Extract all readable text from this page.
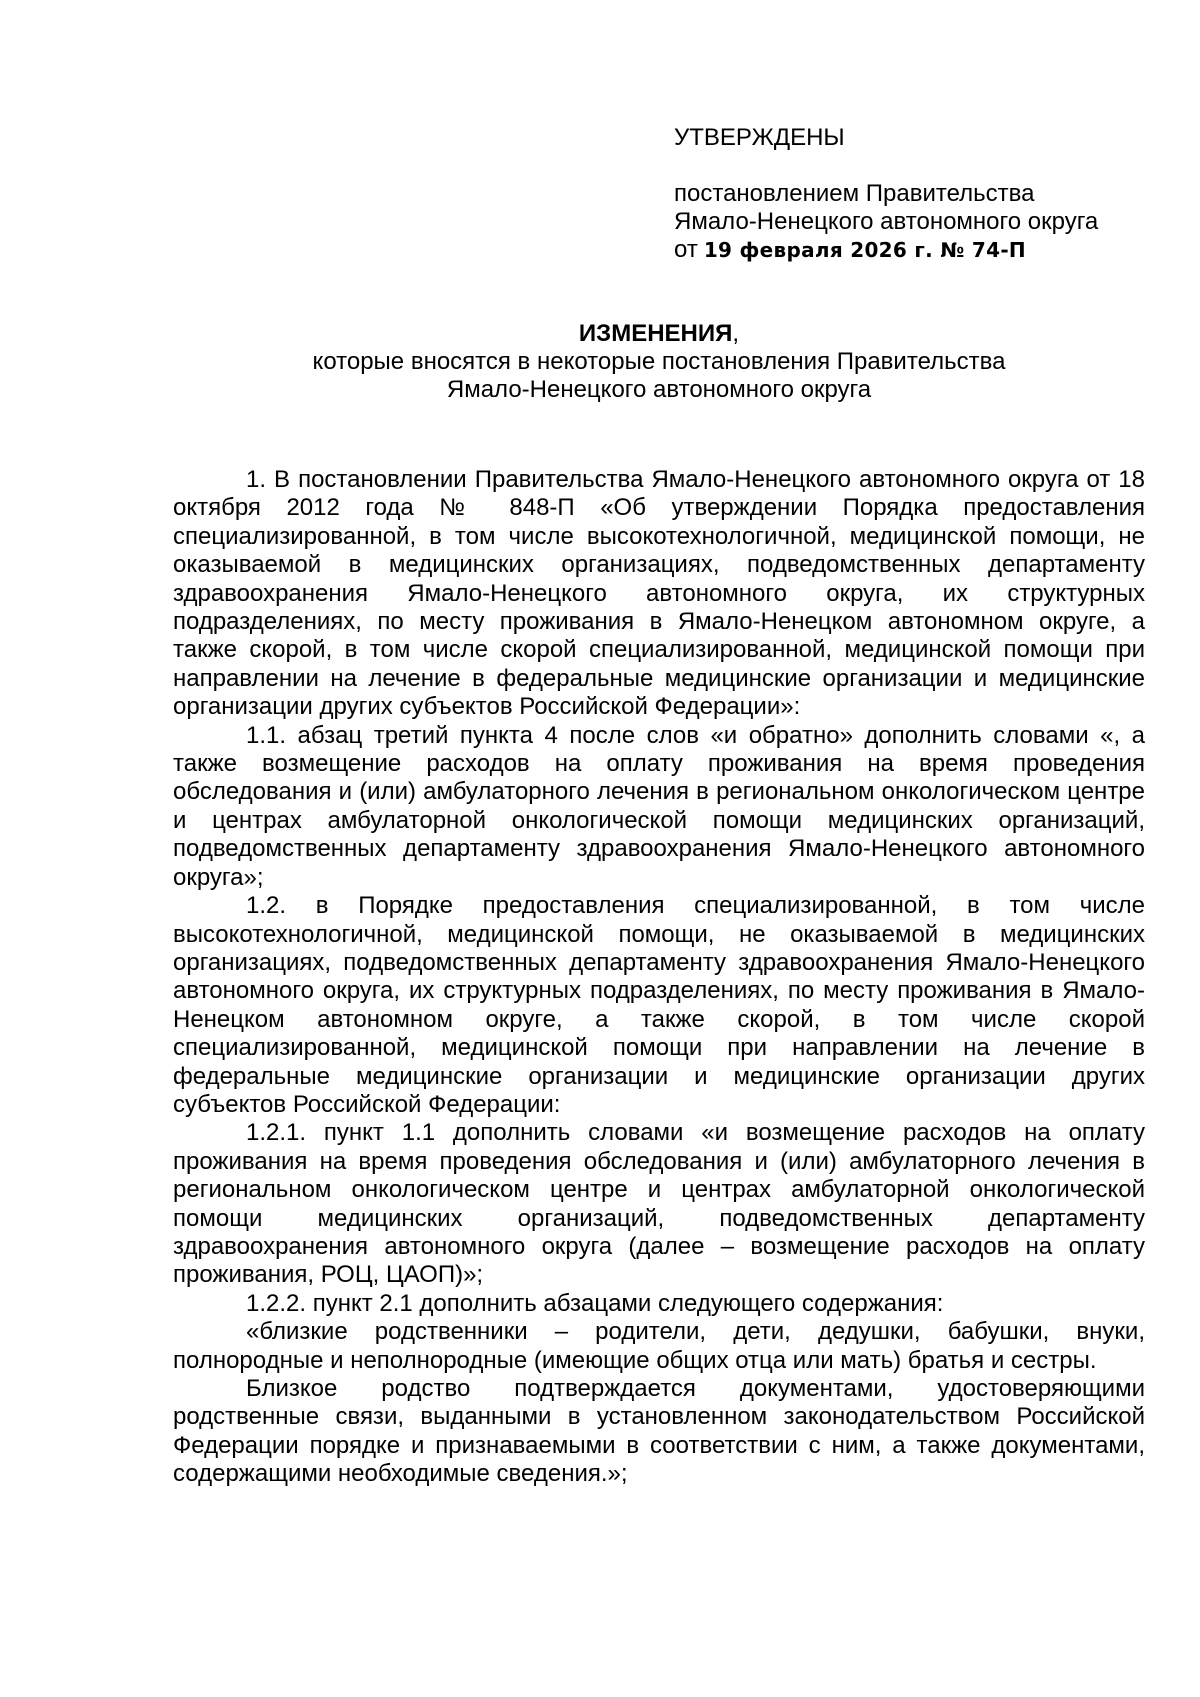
УТВЕРЖДЕНЫ
постановлением Правительства
Ямало-Ненецкого автономного округа
от 19 февраля 2026 г. № 74-П
ИЗМЕНЕНИЯ,
которые вносятся в некоторые постановления Правительства
Ямало-Ненецкого автономного округа

1. В постановлении Правительства Ямало-Ненецкого автономного округа от 18 октября 2012 года № 848-П «Об утверждении Порядка предоставления специализированной, в том числе высокотехнологичной, медицинской помощи, не оказываемой в медицинских организациях, подведомственных департаменту здравоохранения Ямало-Ненецкого автономного округа, их структурных подразделениях, по месту проживания в Ямало-Ненецком автономном округе, а также скорой, в том числе скорой специализированной, медицинской помощи при направлении на лечение в федеральные медицинские организации и медицинские организации других субъектов Российской Федерации»:

1.1. абзац третий пункта 4 после слов «и обратно» дополнить словами «, а также возмещение расходов на оплату проживания на время проведения обследования и (или) амбулаторного лечения в региональном онкологическом центре и центрах амбулаторной онкологической помощи медицинских организаций, подведомственных департаменту здравоохранения Ямало-Ненецкого автономного округа»;

1.2. в Порядке предоставления специализированной, в том числе высокотехнологичной, медицинской помощи, не оказываемой в медицинских организациях, подведомственных департаменту здравоохранения Ямало-Ненецкого автономного округа, их структурных подразделениях, по месту проживания в Ямало-Ненецком автономном округе, а также скорой, в том числе скорой специализированной, медицинской помощи при направлении на лечение в федеральные медицинские организации и медицинские организации других субъектов Российской Федерации:

1.2.1. пункт 1.1 дополнить словами «и возмещение расходов на оплату проживания на время проведения обследования и (или) амбулаторного лечения в региональном онкологическом центре и центрах амбулаторной онкологической помощи медицинских организаций, подведомственных департаменту здравоохранения автономного округа (далее – возмещение расходов на оплату проживания, РОЦ, ЦАОП)»;

1.2.2. пункт 2.1 дополнить абзацами следующего содержания:

«близкие родственники – родители, дети, дедушки, бабушки, внуки, полнородные и неполнородные (имеющие общих отца или мать) братья и сестры.

Близкое родство подтверждается документами, удостоверяющими родственные связи, выданными в установленном законодательством Российской Федерации порядке и признаваемыми в соответствии с ним, а также документами, содержащими необходимые сведения.»;
